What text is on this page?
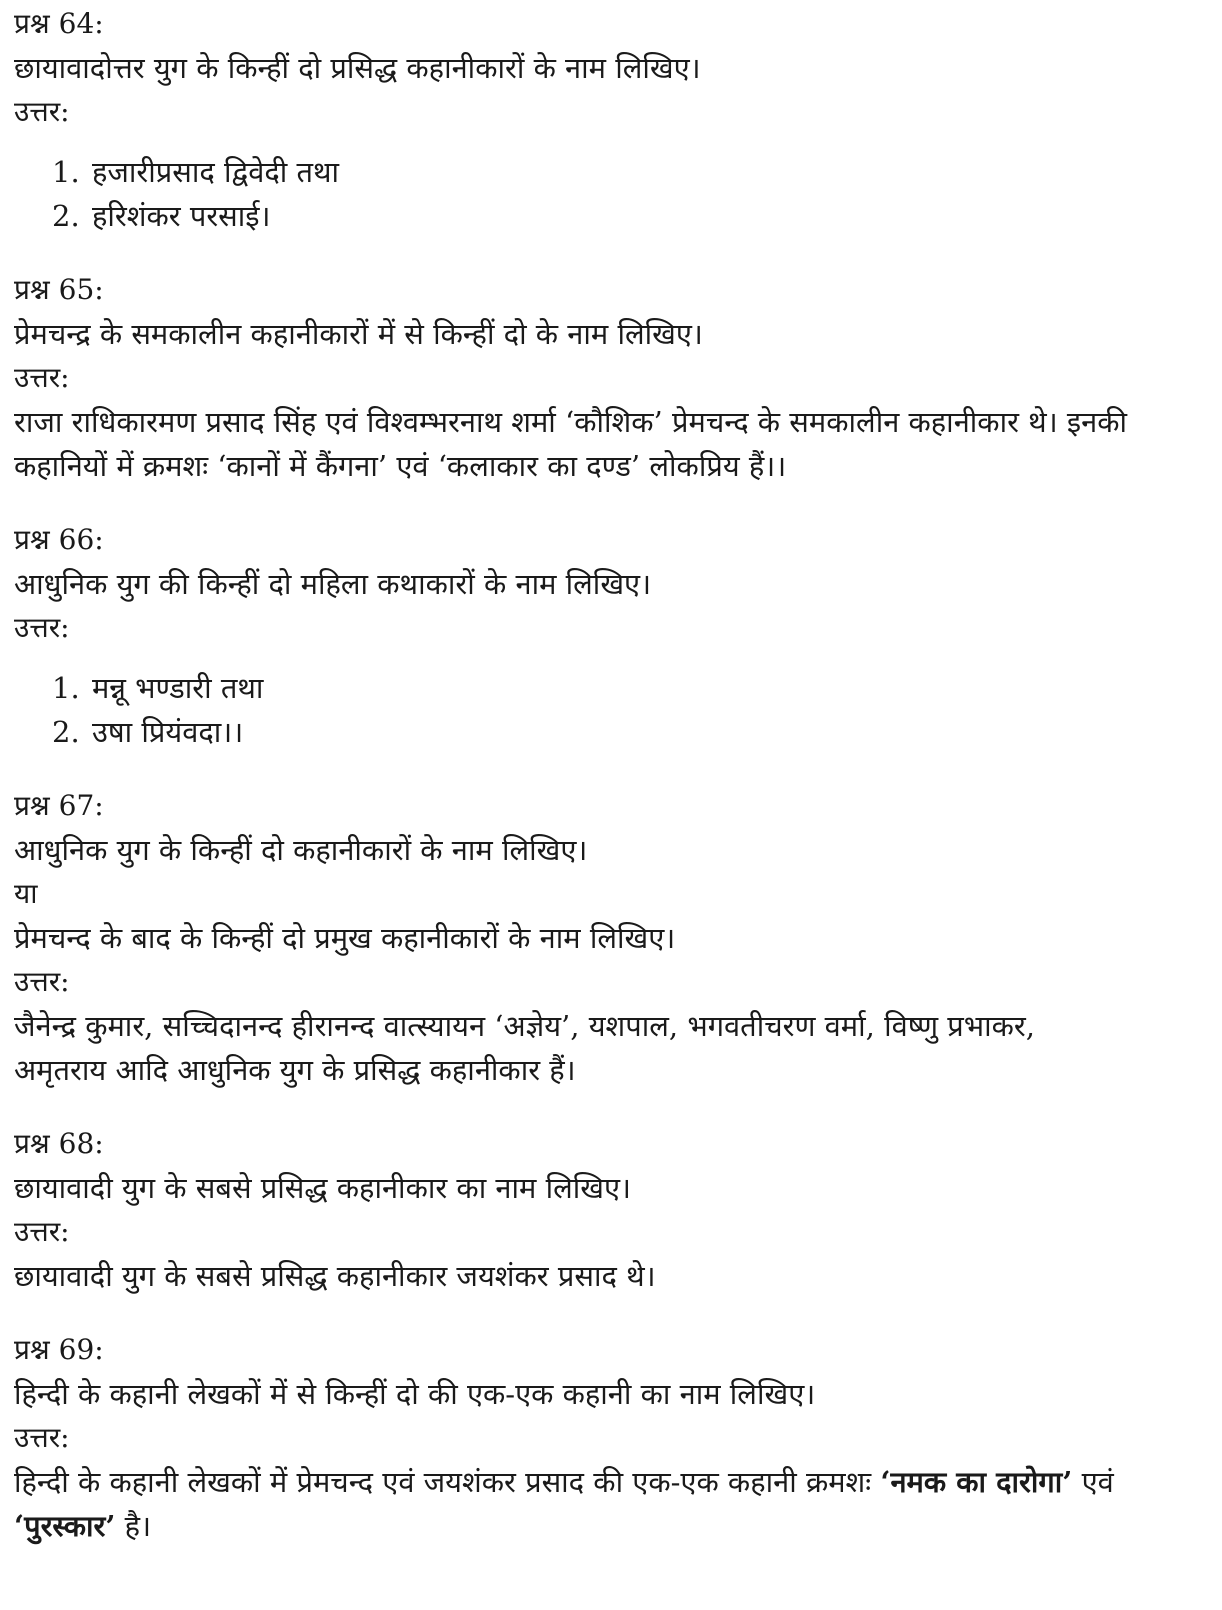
प्रश्न 64:
छायावादोत्तर युग के किन्हीं दो प्रसिद्ध कहानीकारों के नाम लिखिए।
उत्तर:
1. हजारीप्रसाद द्विवेदी तथा
2. हरिशंकर परसाई।
प्रश्न 65:
प्रेमचन्द्र के समकालीन कहानीकारों में से किन्हीं दो के नाम लिखिए।
उत्तर:
राजा राधिकारमण प्रसाद सिंह एवं विश्वम्भरनाथ शर्मा ‘कौशिक’ प्रेमचन्द के समकालीन कहानीकार थे। इनकी
कहानियों में क्रमशः ‘कानों में कैंगना’ एवं ‘कलाकार का दण्ड’ लोकप्रिय हैं।।
प्रश्न 66:
आधुनिक युग की किन्हीं दो महिला कथाकारों के नाम लिखिए।
उत्तर:
1. मन्नू भण्डारी तथा
2. उषा प्रियंवदा।।
प्रश्न 67:
आधुनिक युग के किन्हीं दो कहानीकारों के नाम लिखिए।
या
प्रेमचन्द के बाद के किन्हीं दो प्रमुख कहानीकारों के नाम लिखिए।
उत्तर:
जैनेन्द्र कुमार, सच्चिदानन्द हीरानन्द वात्स्यायन ‘अज्ञेय’, यशपाल, भगवतीचरण वर्मा, विष्णु प्रभाकर,
अमृतराय आदि आधुनिक युग के प्रसिद्ध कहानीकार हैं।
प्रश्न 68:
छायावादी युग के सबसे प्रसिद्ध कहानीकार का नाम लिखिए।
उत्तर:
छायावादी युग के सबसे प्रसिद्ध कहानीकार जयशंकर प्रसाद थे।
प्रश्न 69:
हिन्दी के कहानी लेखकों में से किन्हीं दो की एक-एक कहानी का नाम लिखिए।
उत्तर:
हिन्दी के कहानी लेखकों में प्रेमचन्द एवं जयशंकर प्रसाद की एक-एक कहानी क्रमशः ‘नमक का दारोगा’ एवं
‘पुरस्कार’ है।
